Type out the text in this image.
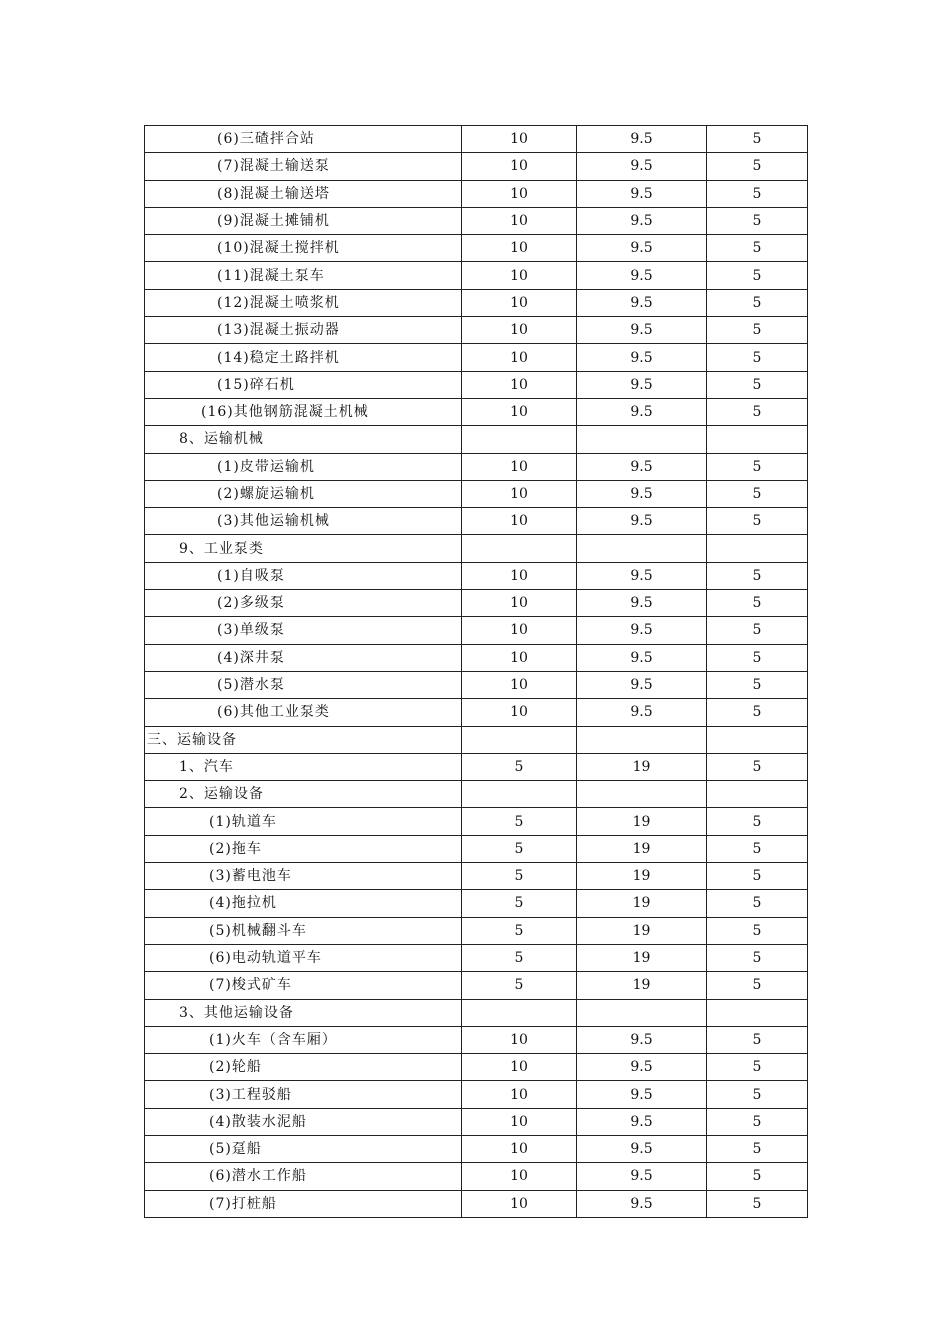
(6)三碴拌合站	10	9.5	5
(7)混凝土输送泵	10	9.5	5
(8)混凝土输送塔	10	9.5	5
(9)混凝土摊铺机	10	9.5	5
(10)混凝土搅拌机	10	9.5	5
(11)混凝土泵车	10	9.5	5
(12)混凝土喷浆机	10	9.5	5
(13)混凝土振动器	10	9.5	5
(14)稳定土路拌机	10	9.5	5
(15)碎石机	10	9.5	5
(16)其他钢筋混凝土机械	10	9.5	5
8、运输机械			
(1)皮带运输机	10	9.5	5
(2)螺旋运输机	10	9.5	5
(3)其他运输机械	10	9.5	5
9、工业泵类			
(1)自吸泵	10	9.5	5
(2)多级泵	10	9.5	5
(3)单级泵	10	9.5	5
(4)深井泵	10	9.5	5
(5)潜水泵	10	9.5	5
(6)其他工业泵类	10	9.5	5
三、运输设备			
1、汽车	5	19	5
2、运输设备			
(1)轨道车	5	19	5
(2)拖车	5	19	5
(3)蓄电池车	5	19	5
(4)拖拉机	5	19	5
(5)机械翻斗车	5	19	5
(6)电动轨道平车	5	19	5
(7)梭式矿车	5	19	5
3、其他运输设备			
(1)火车（含车厢）	10	9.5	5
(2)轮船	10	9.5	5
(3)工程驳船	10	9.5	5
(4)散装水泥船	10	9.5	5
(5)趸船	10	9.5	5
(6)潜水工作船	10	9.5	5
(7)打桩船	10	9.5	5
